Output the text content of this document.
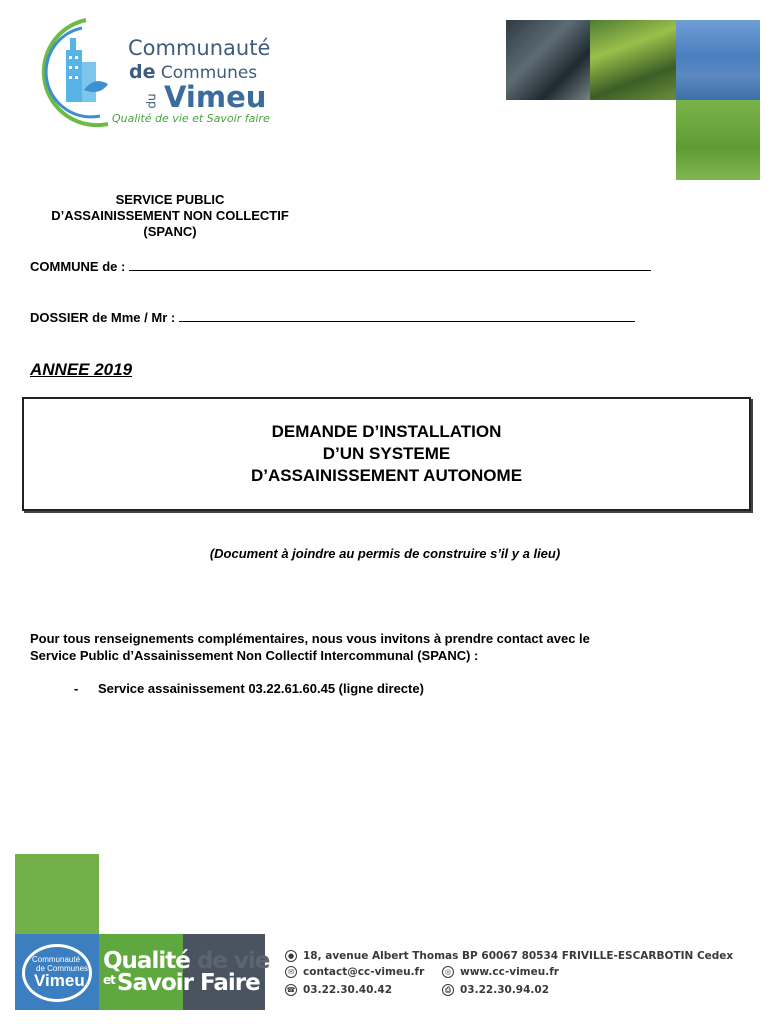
Communauté
de Communes
du Vimeu
Qualité de vie et Savoir faire
SERVICE PUBLIC
D’ASSAINISSEMENT NON COLLECTIF
(SPANC)
COMMUNE de :
DOSSIER de Mme / Mr :
ANNEE 2019
DEMANDE D’INSTALLATION
D’UN SYSTEME
D’ASSAINISSEMENT AUTONOME
(Document à joindre au permis de construire s’il y a lieu)
Pour tous renseignements complémentaires, nous vous invitons à prendre contact avec le
Service Public d’Assainissement Non Collectif Intercommunal (SPANC) :
- Service assainissement 03.22.61.60.45 (ligne directe)
Communauté
de Communes
Vimeu
Qualité de vie
$^{et}$Savoir Faire
● 18, avenue Albert Thomas BP 60067 80534 FRIVILLE-ESCARBOTIN Cedex
✉ contact@cc-vimeu.fr	◎ www.cc-vimeu.fr
☎ 03.22.30.40.42	⎙ 03.22.30.94.02
